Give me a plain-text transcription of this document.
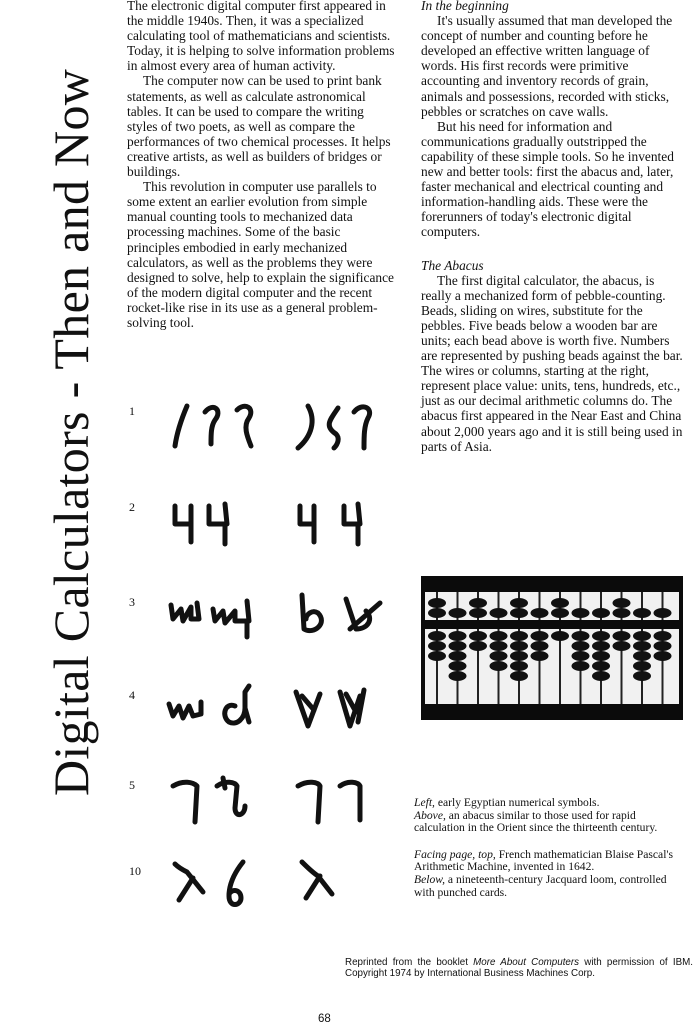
Digital Calculators - Then and Now

The electronic digital computer first appeared in the middle 1940s. Then, it was a specialized calculating tool of mathematicians and scientists. Today, it is helping to solve information problems in almost every area of human activity.

The computer now can be used to print bank statements, as well as calculate astronomical tables. It can be used to compare the writing styles of two poets, as well as compare the performances of two chemical processes. It helps creative artists, as well as builders of bridges or buildings.

This revolution in computer use parallels to some extent an earlier evolution from simple manual counting tools to mechanized data processing machines. Some of the basic principles embodied in early mechanized calculators, as well as the problems they were designed to solve, help to explain the significance of the modern digital computer and the recent rocket-like rise in its use as a general problem-solving tool.

In the beginning

It's usually assumed that man developed the concept of number and counting before he developed an effective written language of words. His first records were primitive accounting and inventory records of grain, animals and possessions, recorded with sticks, pebbles or scratches on cave walls.

But his need for information and communications gradually outstripped the capability of these simple tools. So he invented new and better tools: first the abacus and, later, faster mechanical and electrical counting and information-handling aids. These were the forerunners of today's electronic digital computers.

The Abacus

The first digital calculator, the abacus, is really a mechanized form of pebble-counting. Beads, sliding on wires, substitute for the pebbles. Five beads below a wooden bar are units; each bead above is worth five. Numbers are represented by pushing beads against the bar. The wires or columns, starting at the right, represent place value: units, tens, hundreds, etc., just as our decimal arithmetic columns do. The abacus first appeared in the Near East and China about 2,000 years ago and it is still being used in parts of Asia.

1
2
3
4
5
10

Left, early Egyptian numerical symbols.

Above, an abacus similar to those used for rapid calculation in the Orient since the thirteenth century.

Facing page, top, French mathematician Blaise Pascal's Arithmetic Machine, invented in 1642.

Below, a nineteenth-century Jacquard loom, controlled with punched cards.

Reprinted from the booklet More About Computers with permission of IBM. Copyright 1974 by International Business Machines Corp.
68
